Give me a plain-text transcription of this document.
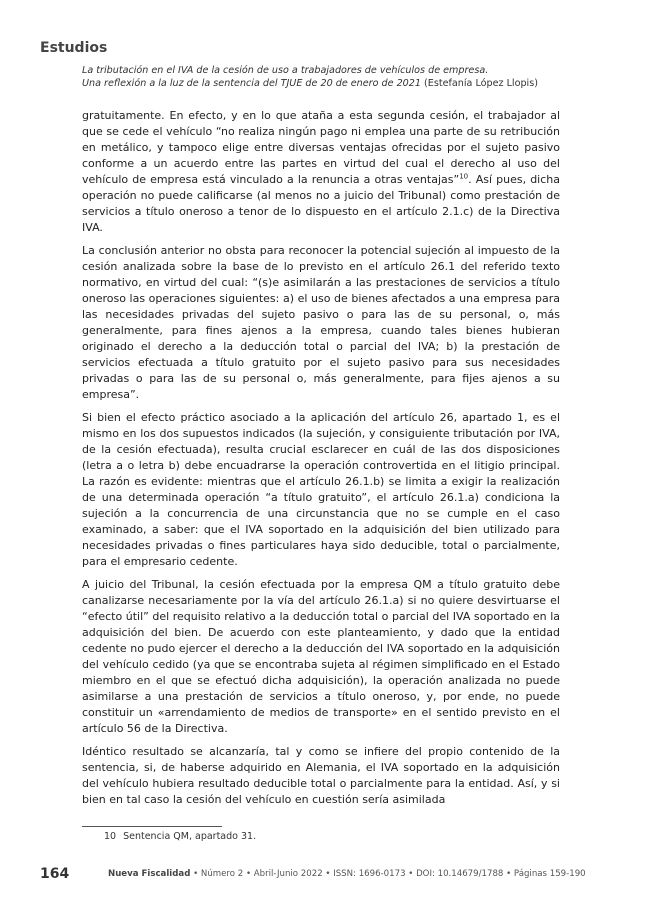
Estudios
La tributación en el IVA de la cesión de uso a trabajadores de vehículos de empresa.
Una reflexión a la luz de la sentencia del TJUE de 20 de enero de 2021 (Estefanía López Llopis)

gratuitamente. En efecto, y en lo que ataña a esta segunda cesión, el trabajador al que se cede el vehículo “no realiza ningún pago ni emplea una parte de su retribución en metálico, y tampoco elige entre diversas ventajas ofrecidas por el sujeto pasivo conforme a un acuerdo entre las partes en virtud del cual el derecho al uso del vehículo de empresa está vinculado a la renuncia a otras ventajas”$^{10}$. Así pues, dicha operación no puede calificarse (al menos no a juicio del Tribunal) como prestación de servicios a título oneroso a tenor de lo dispuesto en el artículo 2.1.c) de la Directiva IVA.

La conclusión anterior no obsta para reconocer la potencial sujeción al impuesto de la cesión analizada sobre la base de lo previsto en el artículo 26.1 del referido texto normativo, en virtud del cual: “(s)e asimilarán a las prestaciones de servicios a título oneroso las operaciones siguientes: a) el uso de bienes afectados a una empresa para las necesidades privadas del sujeto pasivo o para las de su personal, o, más generalmente, para fines ajenos a la empresa, cuando tales bienes hubieran originado el derecho a la deducción total o parcial del IVA; b) la prestación de servicios efectuada a título gratuito por el sujeto pasivo para sus necesidades privadas o para las de su personal o, más generalmente, para fijes ajenos a su empresa”.

Si bien el efecto práctico asociado a la aplicación del artículo 26, apartado 1, es el mismo en los dos supuestos indicados (la sujeción, y consiguiente tributación por IVA, de la cesión efectuada), resulta crucial esclarecer en cuál de las dos disposiciones (letra a o letra b) debe encuadrarse la operación controvertida en el litigio principal. La razón es evidente: mientras que el artículo 26.1.b) se limita a exigir la realización de una determinada operación “a título gratuito”, el artículo 26.1.a) condiciona la sujeción a la concurrencia de una circunstancia que no se cumple en el caso examinado, a saber: que el IVA soportado en la adquisición del bien utilizado para necesidades privadas o fines particulares haya sido deducible, total o parcialmente, para el empresario cedente.

A juicio del Tribunal, la cesión efectuada por la empresa QM a título gratuito debe canalizarse necesariamente por la vía del artículo 26.1.a) si no quiere desvirtuarse el “efecto útil” del requisito relativo a la deducción total o parcial del IVA soportado en la adquisición del bien. De acuerdo con este planteamiento, y dado que la entidad cedente no pudo ejercer el derecho a la deducción del IVA soportado en la adquisición del vehículo cedido (ya que se encontraba sujeta al régimen simplificado en el Estado miembro en el que se efectuó dicha adquisición), la operación analizada no puede asimilarse a una prestación de servicios a título oneroso, y, por ende, no puede constituir un «arrendamiento de medios de transporte» en el sentido previsto en el artículo 56 de la Directiva.

Idéntico resultado se alcanzaría, tal y como se infiere del propio contenido de la sentencia, si, de haberse adquirido en Alemania, el IVA soportado en la adquisición del vehículo hubiera resultado deducible total o parcialmente para la entidad. Así, y si bien en tal caso la cesión del vehículo en cuestión sería asimilada

10 Sentencia QM, apartado 31.
164	Nueva Fiscalidad • Número 2 • Abril-Junio 2022 • ISSN: 1696-0173 • DOI: 10.14679/1788 • Páginas 159-190
